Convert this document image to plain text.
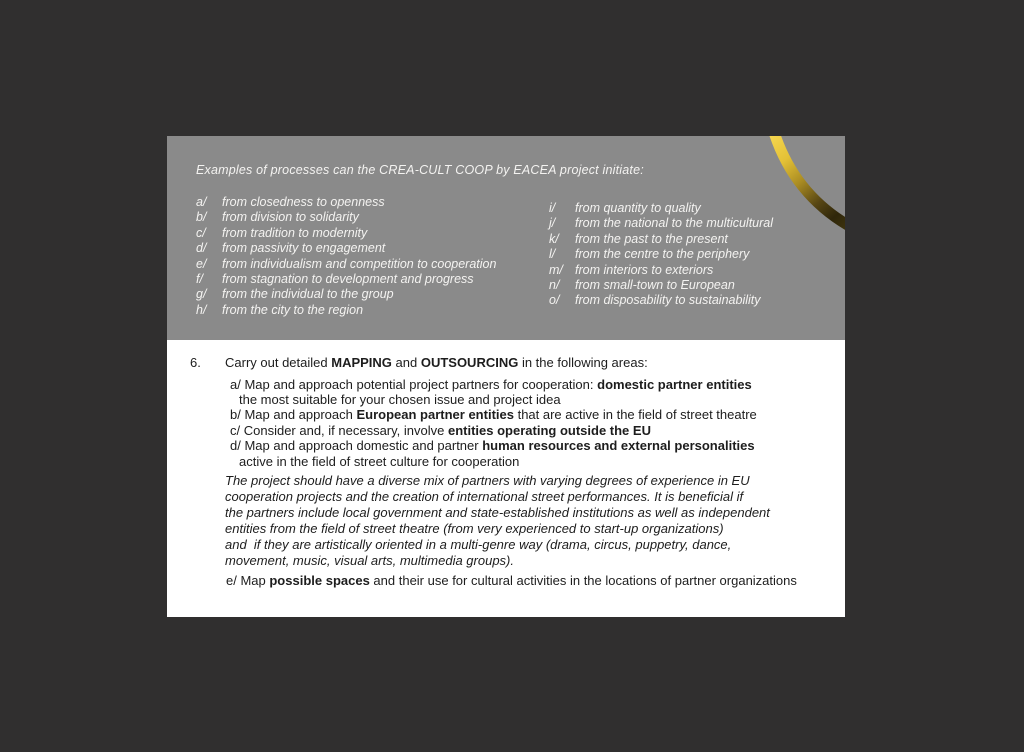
Examples of processes can the CREA-CULT COOP by EACEA project initiate:
a/ from closedness to openness
b/ from division to solidarity
c/ from tradition to modernity
d/ from passivity to engagement
e/ from individualism and competition to cooperation
f/ from stagnation to development and progress
g/ from the individual to the group
h/ from the city to the region
i/ from quantity to quality
j/ from the national to the multicultural
k/ from the past to the present
l/ from the centre to the periphery
m/ from interiors to exteriors
n/ from small-town to European
o/ from disposability to sustainability
6.	Carry out detailed MAPPING and OUTSOURCING in the following areas:
a/ Map and approach potential project partners for cooperation: domestic partner entities
the most suitable for your chosen issue and project idea
b/ Map and approach European partner entities that are active in the field of street theatre
c/ Consider and, if necessary, involve entities operating outside the EU
d/ Map and approach domestic and partner human resources and external personalities
active in the field of street culture for cooperation
The project should have a diverse mix of partners with varying degrees of experience in EU
cooperation projects and the creation of international street performances. It is beneficial if
the partners include local government and state-established institutions as well as independent
entities from the field of street theatre (from very experienced to start-up organizations)
and  if they are artistically oriented in a multi-genre way (drama, circus, puppetry, dance,
movement, music, visual arts, multimedia groups).
e/ Map possible spaces and their use for cultural activities in the locations of partner organizations
